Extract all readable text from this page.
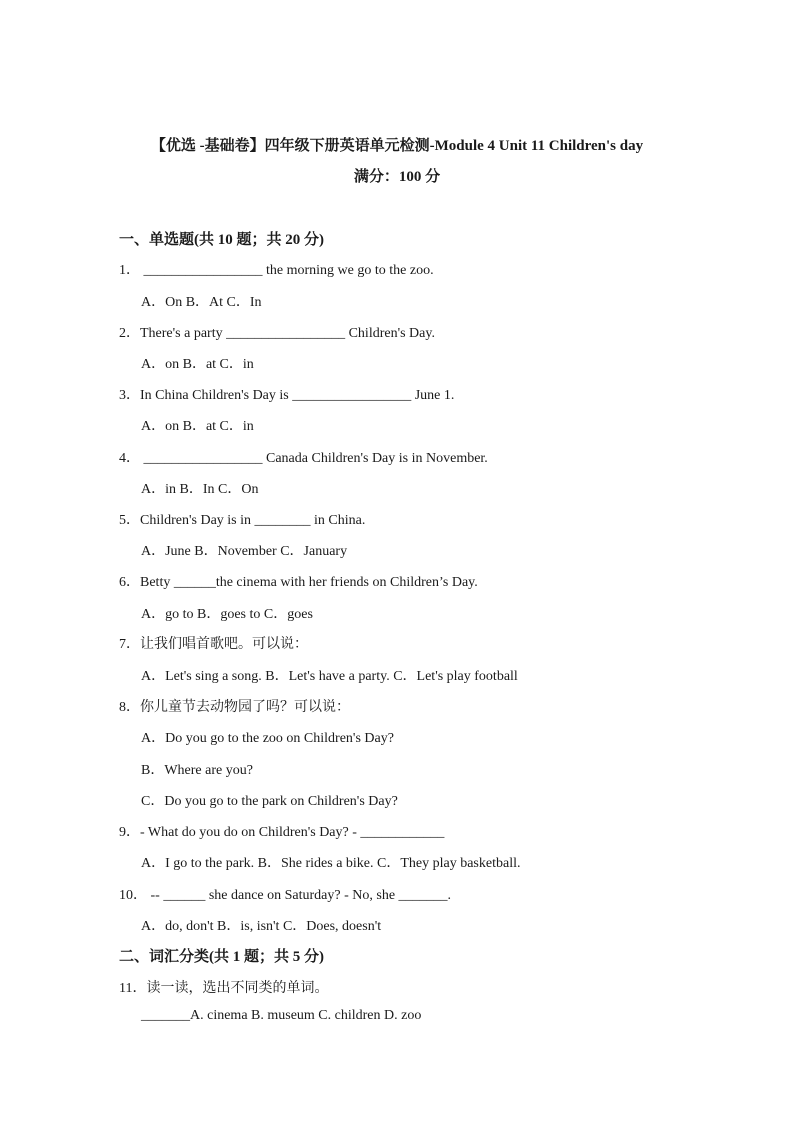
【优选 -基础卷】四年级下册英语单元检测-Module 4 Unit 11 Children's day
满分：100 分
一、单选题(共 10 题；共 20 分)
1． _________________ the morning we go to the zoo.
A．On B．At C．In
2．There's a party _________________ Children's Day.
A．on B．at C．in
3．In China Children's Day is _________________ June 1.
A．on B．at C．in
4． _________________ Canada Children's Day is in November.
A．in B．In C．On
5．Children's Day is in ________ in China.
A．June B．November C．January
6．Betty ______the cinema with her friends on Children’s Day.
A．go to B．goes to C．goes
7．让我们唱首歌吧。可以说：
A．Let's sing a song. B．Let's have a party. C．Let's play football
8．你儿童节去动物园了吗？可以说：
A．Do you go to the zoo on Children's Day?
B．Where are you?
C．Do you go to the park on Children's Day?
9．- What do you do on Children's Day? - ____________
A．I go to the park. B．She rides a bike. C．They play basketball.
10． -- ______ she dance on Saturday? - No, she _______.
A．do, don't B．is, isn't C．Does, doesn't
二、词汇分类(共 1 题；共 5 分)
11．读一读，选出不同类的单词。
_______A. cinema B. museum C. children D. zoo
